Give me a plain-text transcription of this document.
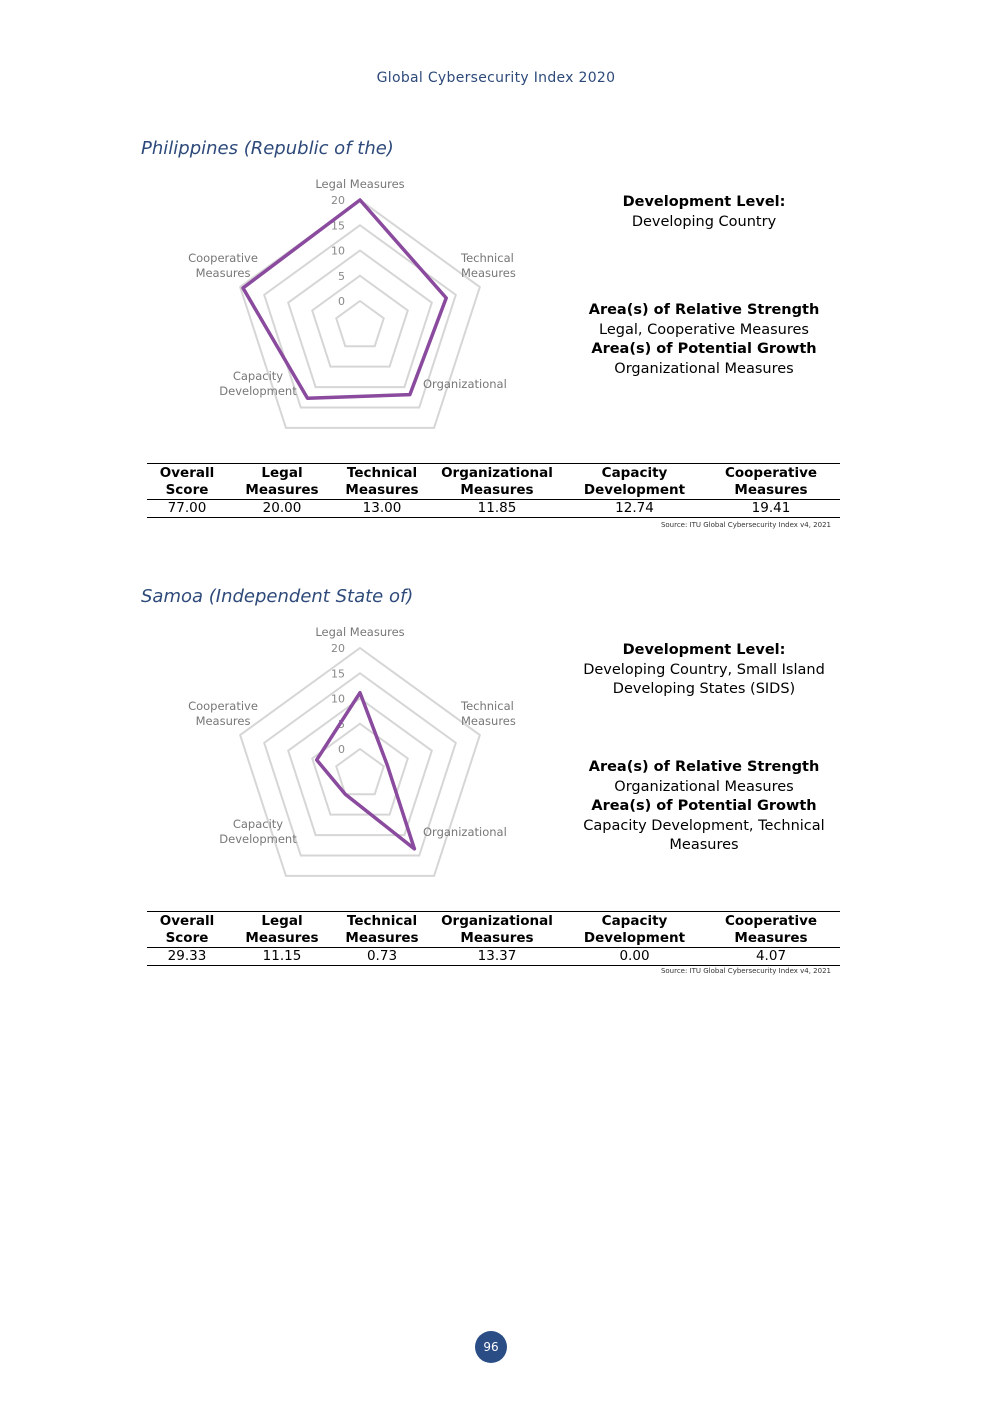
Global Cybersecurity Index 2020
Philippines (Republic of the)
0
5
10
15
20
Legal Measures
Technical Measures
Organizational
Capacity Development
Cooperative Measures
Development Level:
Developing Country
Area(s) of Relative Strength
Legal, Cooperative Measures
Area(s) of Potential Growth
Organizational Measures
Overall Score	Legal Measures	Technical Measures	Organizational Measures	Capacity Development	Cooperative Measures
77.00	20.00	13.00	11.85	12.74	19.41
Source: ITU Global Cybersecurity Index v4, 2021
Samoa (Independent State of)
0
5
10
15
20
Legal Measures
Technical Measures
Organizational
Capacity Development
Cooperative Measures
Development Level:
Developing Country, Small Island Developing States (SIDS)
Area(s) of Relative Strength
Organizational Measures
Area(s) of Potential Growth
Capacity Development, Technical Measures
Overall Score	Legal Measures	Technical Measures	Organizational Measures	Capacity Development	Cooperative Measures
29.33	11.15	0.73	13.37	0.00	4.07
Source: ITU Global Cybersecurity Index v4, 2021
96
